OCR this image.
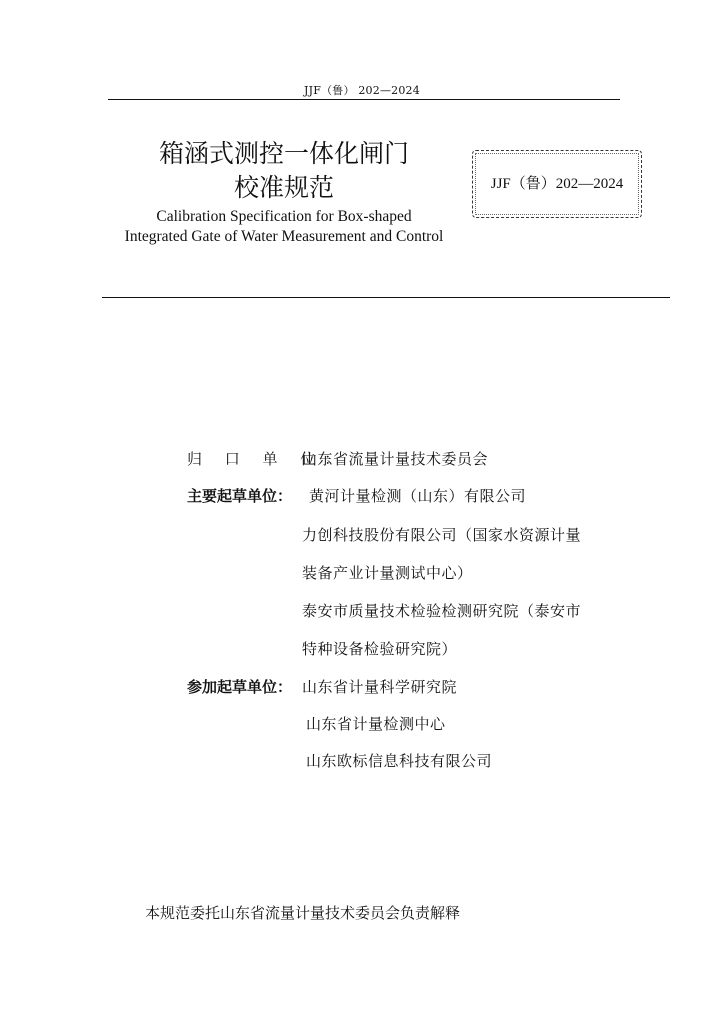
JJF（鲁） 202—2024
箱涵式测控一体化闸门
校准规范
Calibration Specification for Box-shaped
Integrated Gate of Water Measurement and Control
JJF（鲁）202—2024
归 口 单 位：
山东省流量计量技术委员会
主要起草单位：	黄河计量检测（山东）有限公司
力创科技股份有限公司（国家水资源计量
装备产业计量测试中心）
泰安市质量技术检验检测研究院（泰安市
特种设备检验研究院）
参加起草单位： 山东省计量科学研究院
山东省计量检测中心
山东欧标信息科技有限公司
本规范委托山东省流量计量技术委员会负责解释
